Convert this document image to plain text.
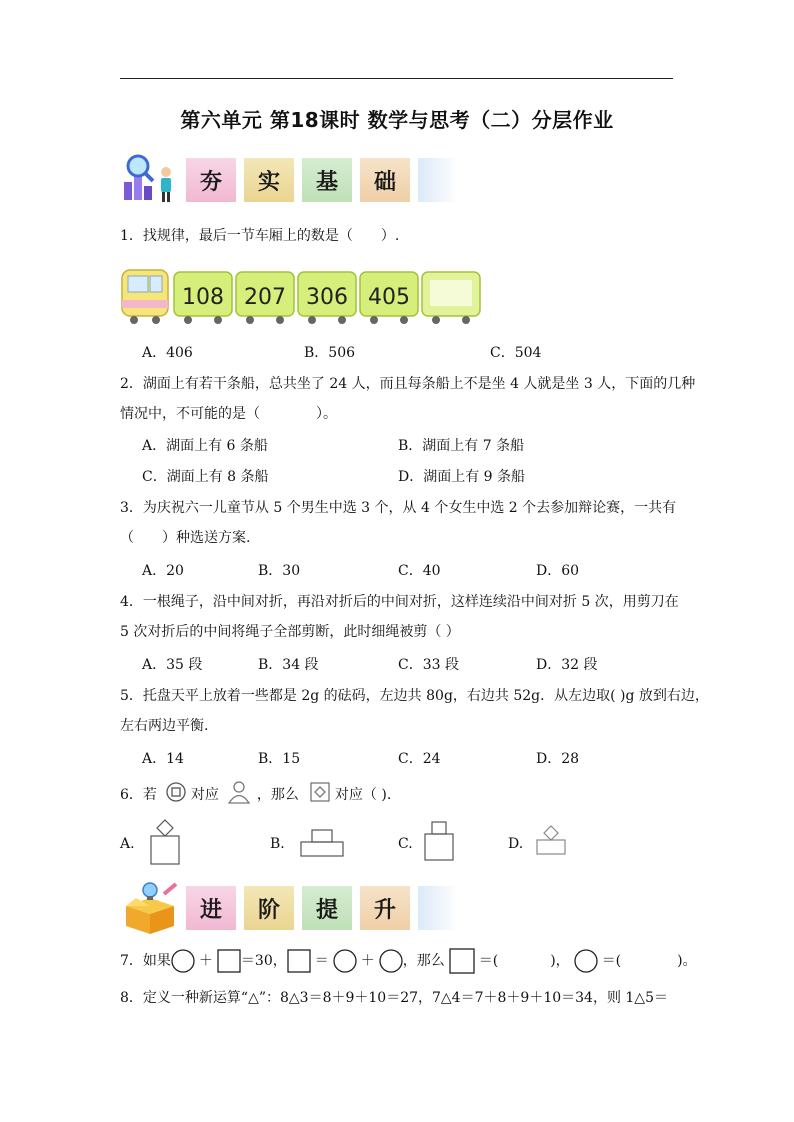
第六单元 第18课时 数学与思考（二）分层作业
夯	实	基	础
1．找规律，最后一节车厢上的数是（　　）.
108 207 306 405
A．406	B．506	C．504
2．湖面上有若干条船，总共坐了 24 人，而且每条船上不是坐 4 人就是坐 3 人，下面的几种
情况中，不可能的是（　　　　）。
A．湖面上有 6 条船	B．湖面上有 7 条船
C．湖面上有 8 条船	D．湖面上有 9 条船
3．为庆祝六一儿童节从 5 个男生中选 3 个，从 4 个女生中选 2 个去参加辩论赛，一共有
（　　）种选送方案.
A．20	B．30	C．40	D．60
4．一根绳子，沿中间对折，再沿对折后的中间对折，这样连续沿中间对折 5 次，用剪刀在
5 次对折后的中间将绳子全部剪断，此时细绳被剪（ ）
A．35 段	B．34 段	C．33 段	D．32 段
5．托盘天平上放着一些都是 2g 的砝码，左边共 80g，右边共 52g．从左边取( )g 放到右边，
左右两边平衡.
A．14	B．15	C．24	D．28
6．若 对应	，那么	对应（ ).
A.	B.	C.	D.
进	阶	提	升
7．如果 ＋ ＝30， ＝ ＋ ，那么 ＝(	)， ＝(	)。
8．定义一种新运算“△”：8△3＝8＋9＋10＝27，7△4＝7＋8＋9＋10＝34，则 1△5＝
